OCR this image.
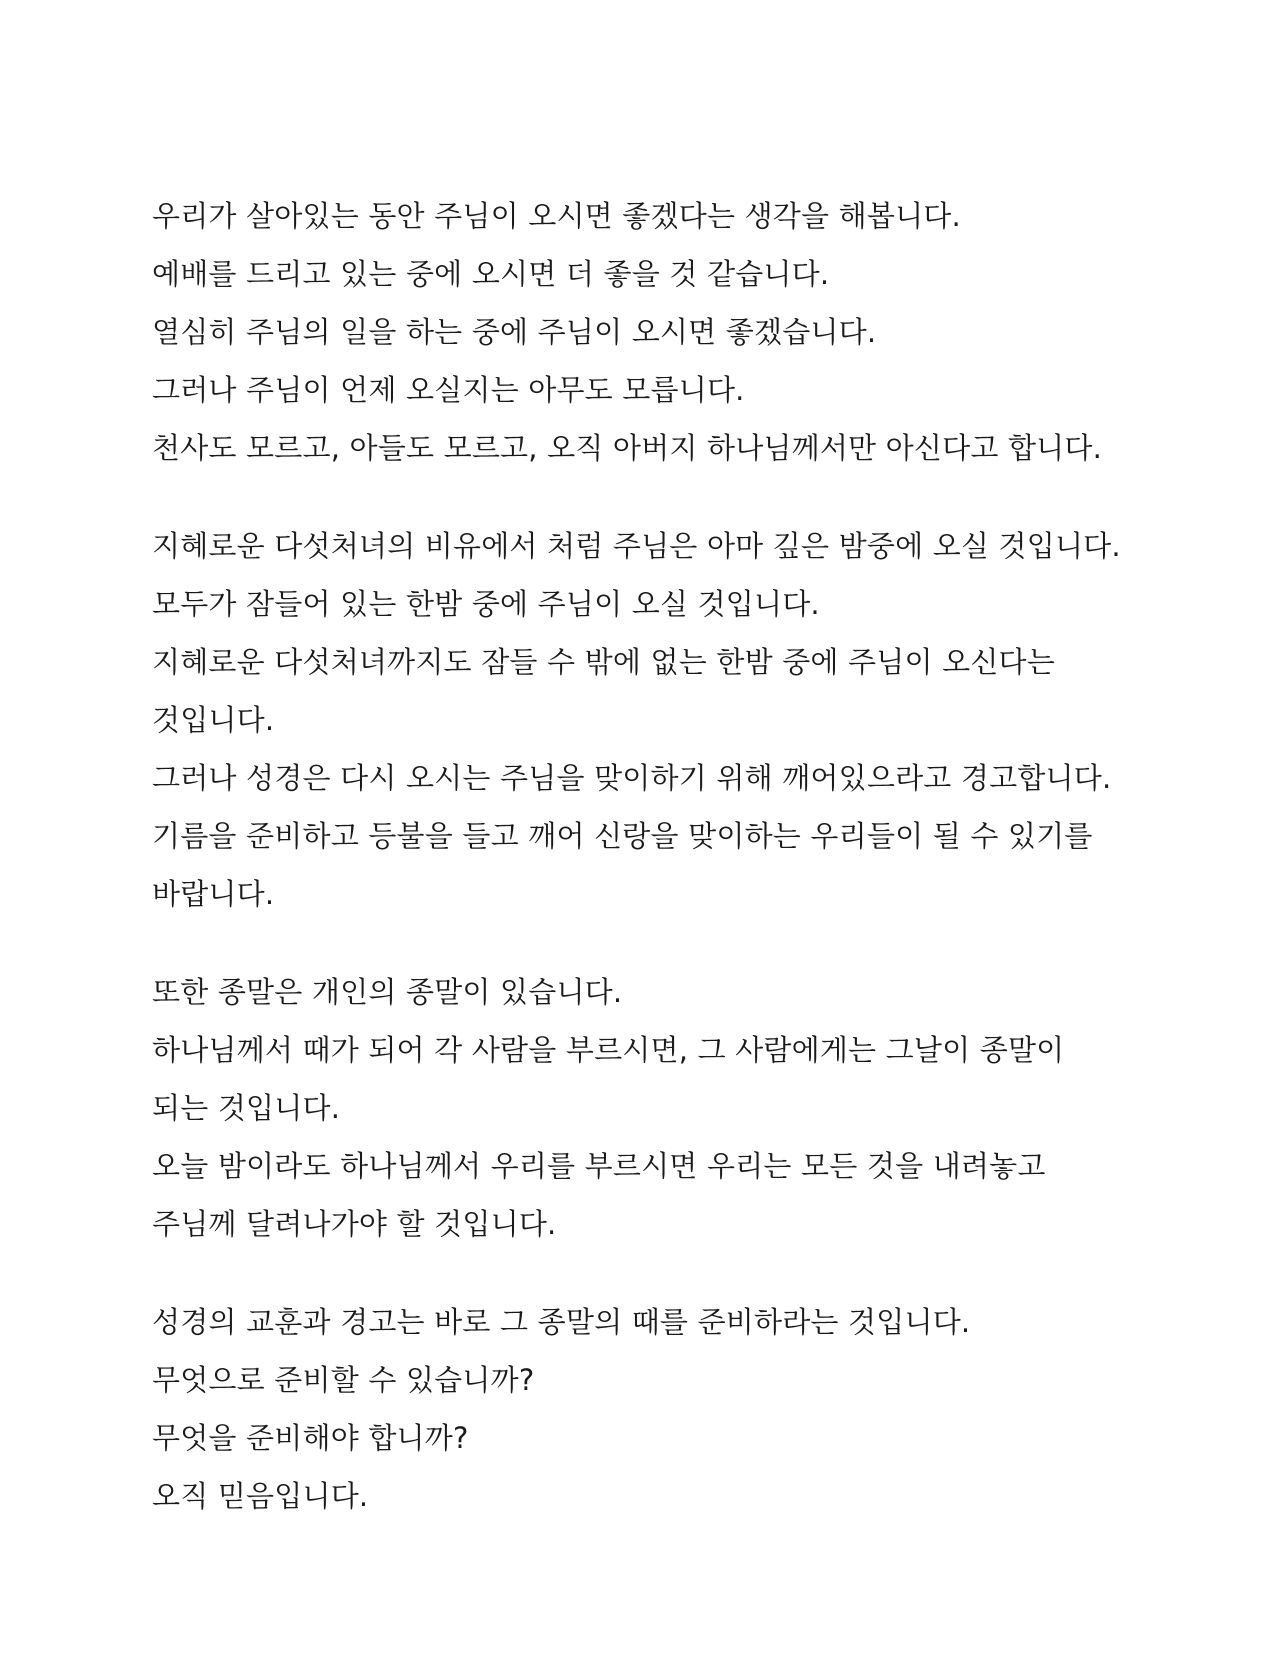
우리가 살아있는 동안 주님이 오시면 좋겠다는 생각을 해봅니다.
예배를 드리고 있는 중에 오시면 더 좋을 것 같습니다.
열심히 주님의 일을 하는 중에 주님이 오시면 좋겠습니다.
그러나 주님이 언제 오실지는 아무도 모릅니다.
천사도 모르고, 아들도 모르고, 오직 아버지 하나님께서만 아신다고 합니다.
지혜로운 다섯처녀의 비유에서 처럼 주님은 아마 깊은 밤중에 오실 것입니다.
모두가 잠들어 있는 한밤 중에 주님이 오실 것입니다.
지혜로운 다섯처녀까지도 잠들 수 밖에 없는 한밤 중에 주님이 오신다는
것입니다.
그러나 성경은 다시 오시는 주님을 맞이하기 위해 깨어있으라고 경고합니다.
기름을 준비하고 등불을 들고 깨어 신랑을 맞이하는 우리들이 될 수 있기를
바랍니다.
또한 종말은 개인의 종말이 있습니다.
하나님께서 때가 되어 각 사람을 부르시면, 그 사람에게는 그날이 종말이
되는 것입니다.
오늘 밤이라도 하나님께서 우리를 부르시면 우리는 모든 것을 내려놓고
주님께 달려나가야 할 것입니다.
성경의 교훈과 경고는 바로 그 종말의 때를 준비하라는 것입니다.
무엇으로 준비할 수 있습니까?
무엇을 준비해야 합니까?
오직 믿음입니다.
